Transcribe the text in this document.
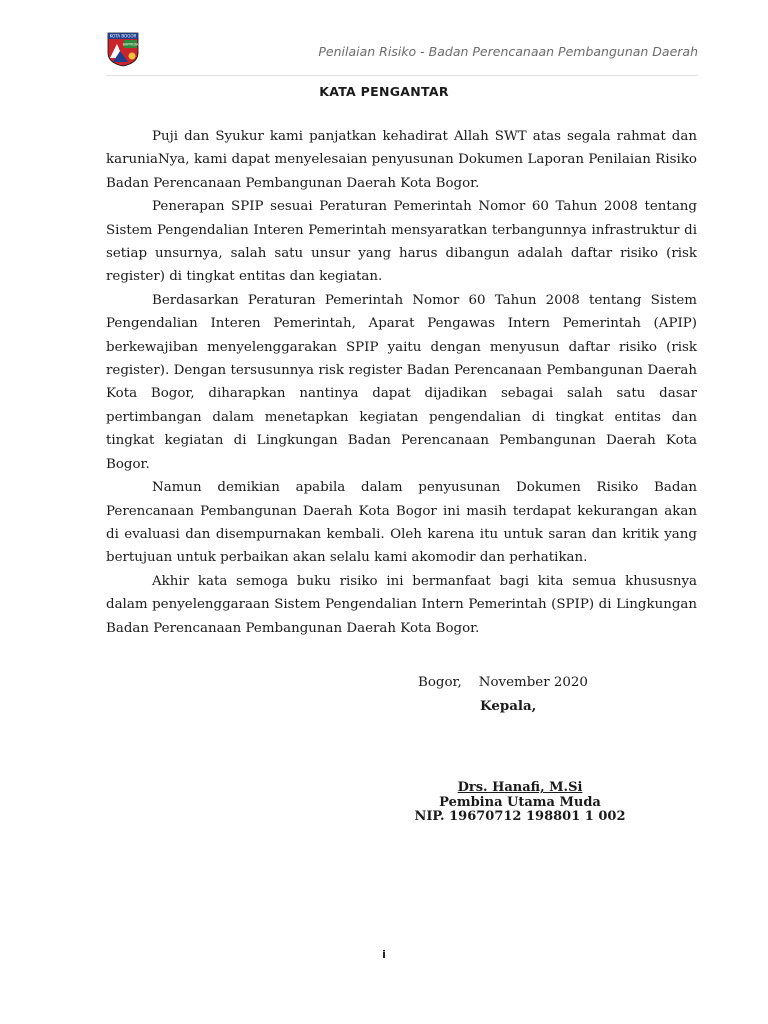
KOTA BOGOR
BAPPEDA	Penilaian Risiko - Badan Perencanaan Pembangunan Daerah
KATA PENGANTAR

Puji dan Syukur kami panjatkan kehadirat Allah SWT atas segala rahmat dan karuniaNya, kami dapat menyelesaian penyusunan Dokumen Laporan Penilaian Risiko Badan Perencanaan Pembangunan Daerah Kota Bogor.

Penerapan SPIP sesuai Peraturan Pemerintah Nomor 60 Tahun 2008 tentang Sistem Pengendalian Interen Pemerintah mensyaratkan terbangunnya infrastruktur di setiap unsurnya, salah satu unsur yang harus dibangun adalah daftar risiko (risk register) di tingkat entitas dan kegiatan.

Berdasarkan Peraturan Pemerintah Nomor 60 Tahun 2008 tentang Sistem Pengendalian Interen Pemerintah, Aparat Pengawas Intern Pemerintah (APIP) berkewajiban menyelenggarakan SPIP yaitu dengan menyusun daftar risiko (risk register). Dengan tersusunnya risk register Badan Perencanaan Pembangunan Daerah Kota Bogor, diharapkan nantinya dapat dijadikan sebagai salah satu dasar pertimbangan dalam menetapkan kegiatan pengendalian di tingkat entitas dan tingkat kegiatan di Lingkungan Badan Perencanaan Pembangunan Daerah Kota Bogor.

Namun demikian apabila dalam penyusunan Dokumen Risiko Badan Perencanaan Pembangunan Daerah Kota Bogor ini masih terdapat kekurangan akan di evaluasi dan disempurnakan kembali. Oleh karena itu untuk saran dan kritik yang bertujuan untuk perbaikan akan selalu kami akomodir dan perhatikan.

Akhir kata semoga buku risiko ini bermanfaat bagi kita semua khususnya dalam penyelenggaraan Sistem Pengendalian Intern Pemerintah (SPIP) di Lingkungan Badan Perencanaan Pembangunan Daerah Kota Bogor.

Bogor,    November 2020
Kepala,
Drs. Hanafi, M.Si
Pembina Utama Muda
NIP. 19670712 198801 1 002
i
